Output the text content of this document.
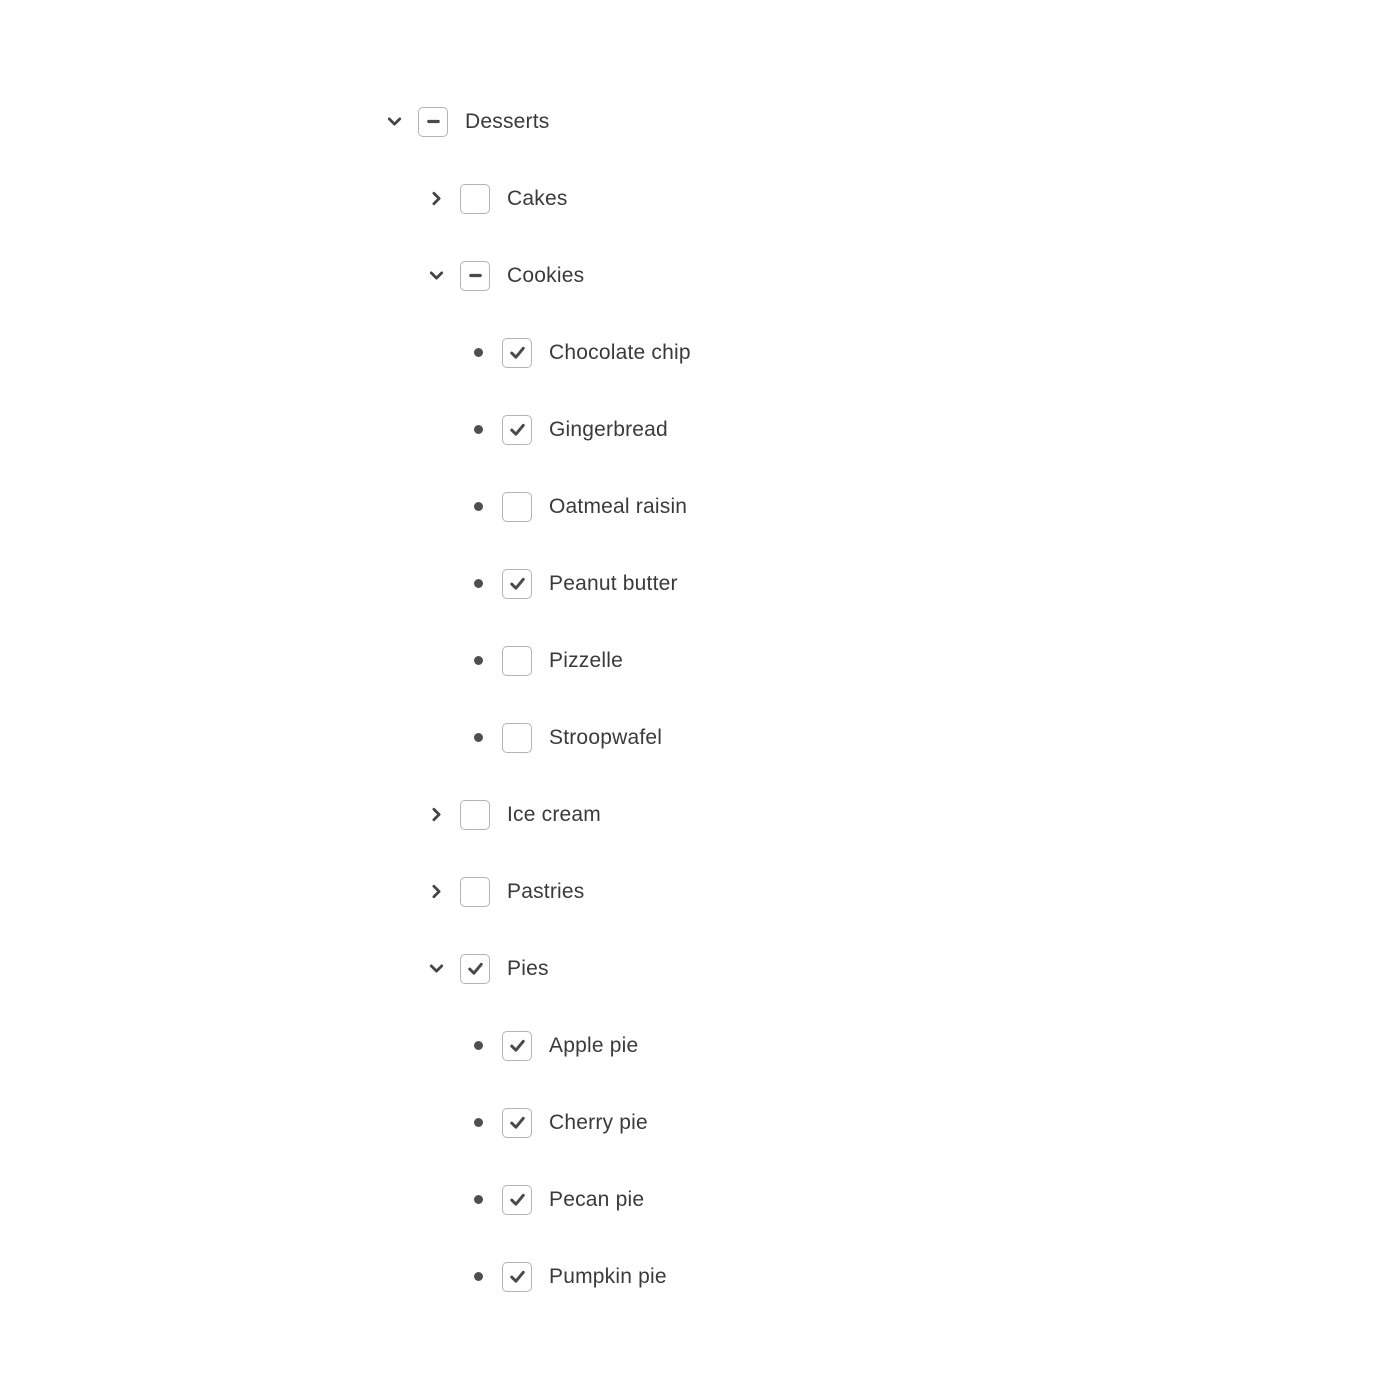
Desserts
Cakes
Cookies
Chocolate chip
Gingerbread
Oatmeal raisin
Peanut butter
Pizzelle
Stroopwafel
Ice cream
Pastries
Pies
Apple pie
Cherry pie
Pecan pie
Pumpkin pie
